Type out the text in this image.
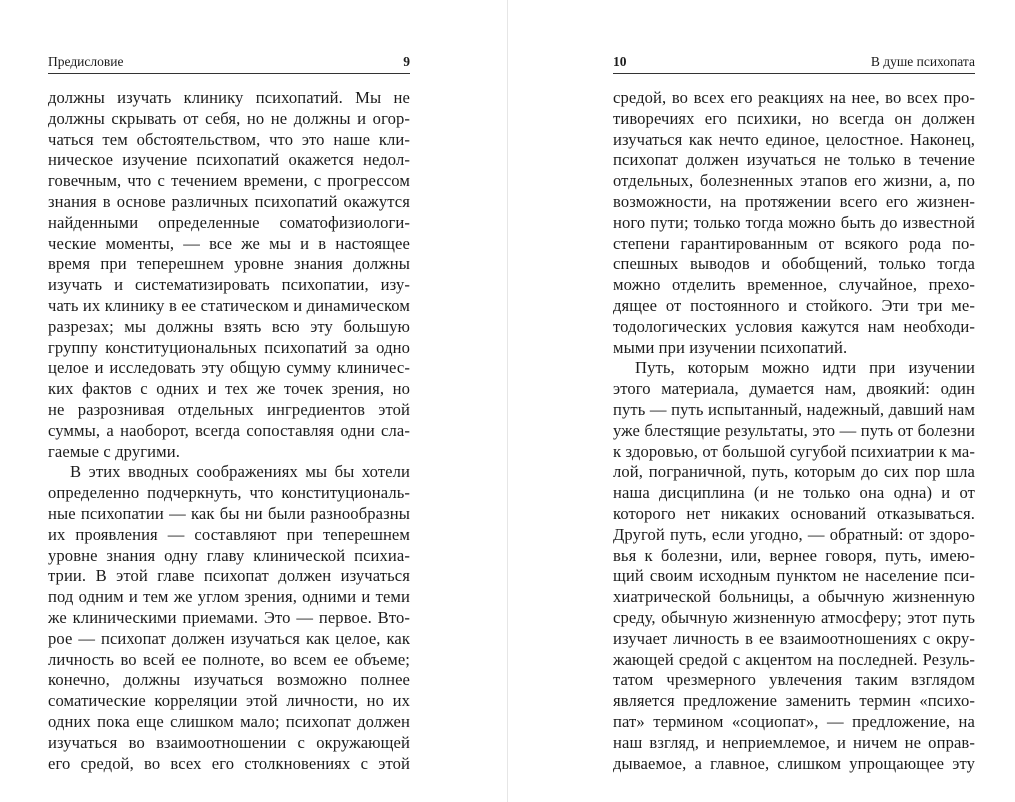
Предисловие	9
должны изучать клинику психопатий. Мы не
должны скрывать от себя, но не должны и огор-
чаться тем обстоятельством, что это наше кли-
ническое изучение психопатий окажется недол-
говечным, что с течением времени, с прогрессом
знания в основе различных психопатий окажутся
найденными определенные соматофизиологи-
ческие моменты, — все же мы и в настоящее
время при теперешнем уровне знания должны
изучать и систематизировать психопатии, изу-
чать их клинику в ее статическом и динамическом
разрезах; мы должны взять всю эту большую
группу конституциональных психопатий за одно
целое и исследовать эту общую сумму клиничес-
ких фактов с одних и тех же точек зрения, но
не разрознивая отдельных ингредиентов этой
суммы, а наоборот, всегда сопоставляя одни сла-
гаемые с другими.
В этих вводных соображениях мы бы хотели
определенно подчеркнуть, что конституциональ-
ные психопатии — как бы ни были разнообразны
их проявления — составляют при теперешнем
уровне знания одну главу клинической психиа-
трии. В этой главе психопат должен изучаться
под одним и тем же углом зрения, одними и теми
же клиническими приемами. Это — первое. Вто-
рое — психопат должен изучаться как целое, как
личность во всей ее полноте, во всем ее объеме;
конечно, должны изучаться возможно полнее
соматические корреляции этой личности, но их
одних пока еще слишком мало; психопат должен
изучаться во взаимоотношении с окружающей
его средой, во всех его столкновениях с этой
10	В душе психопата
средой, во всех его реакциях на нее, во всех про-
тиворечиях его психики, но всегда он должен
изучаться как нечто единое, целостное. Наконец,
психопат должен изучаться не только в течение
отдельных, болезненных этапов его жизни, а, по
возможности, на протяжении всего его жизнен-
ного пути; только тогда можно быть до известной
степени гарантированным от всякого рода по-
спешных выводов и обобщений, только тогда
можно отделить временное, случайное, прехо-
дящее от постоянного и стойкого. Эти три ме-
тодологических условия кажутся нам необходи-
мыми при изучении психопатий.
Путь, которым можно идти при изучении
этого материала, думается нам, двоякий: один
путь — путь испытанный, надежный, давший нам
уже блестящие результаты, это — путь от болезни
к здоровью, от большой сугубой психиатрии к ма-
лой, пограничной, путь, которым до сих пор шла
наша дисциплина (и не только она одна) и от
которого нет никаких оснований отказываться.
Другой путь, если угодно, — обратный: от здоро-
вья к болезни, или, вернее говоря, путь, имею-
щий своим исходным пунктом не население пси-
хиатрической больницы, а обычную жизненную
среду, обычную жизненную атмосферу; этот путь
изучает личность в ее взаимоотношениях с окру-
жающей средой с акцентом на последней. Резуль-
татом чрезмерного увлечения таким взглядом
является предложение заменить термин «психо-
пат» термином «социопат», — предложение, на
наш взгляд, и неприемлемое, и ничем не оправ-
дываемое, а главное, слишком упрощающее эту
